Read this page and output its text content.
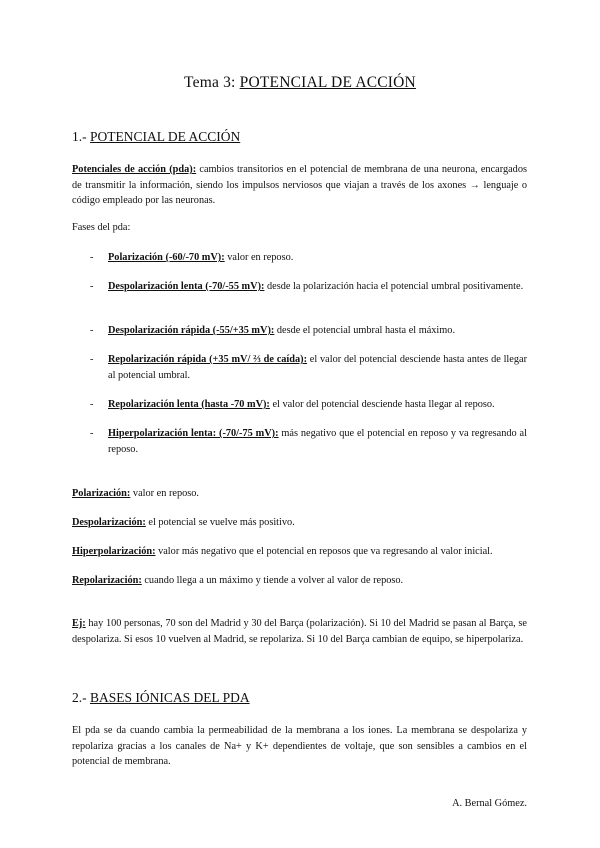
Tema 3: POTENCIAL DE ACCIÓN
1.- POTENCIAL DE ACCIÓN
Potenciales de acción (pda): cambios transitorios en el potencial de membrana de una neurona, encargados de transmitir la información, siendo los impulsos nerviosos que viajan a través de los axones → lenguaje o código empleado por las neuronas.
Fases del pda:
- Polarización (-60/-70 mV): valor en reposo.
- Despolarización lenta (-70/-55 mV): desde la polarización hacia el potencial umbral positivamente.
- Despolarización rápida (-55/+35 mV): desde el potencial umbral hasta el máximo.
- Repolarización rápida (+35 mV/ ⅔ de caída): el valor del potencial desciende hasta antes de llegar al potencial umbral.
- Repolarización lenta (hasta -70 mV): el valor del potencial desciende hasta llegar al reposo.
- Hiperpolarización lenta: (-70/-75 mV): más negativo que el potencial en reposo y va regresando al reposo.
Polarización: valor en reposo.
Despolarización: el potencial se vuelve más positivo.
Hiperpolarización: valor más negativo que el potencial en reposos que va regresando al valor inicial.
Repolarización: cuando llega a un máximo y tiende a volver al valor de reposo.
Ej: hay 100 personas, 70 son del Madrid y 30 del Barça (polarización). Si 10 del Madrid se pasan al Barça, se despolariza. Si esos 10 vuelven al Madrid, se repolariza. Si 10 del Barça cambian de equipo, se hiperpolariza.
2.- BASES IÓNICAS DEL PDA
El pda se da cuando cambia la permeabilidad de la membrana a los iones. La membrana se despolariza y repolariza gracias a los canales de Na+ y K+ dependientes de voltaje, que son sensibles a cambios en el potencial de membrana.
A. Bernal Gómez.
